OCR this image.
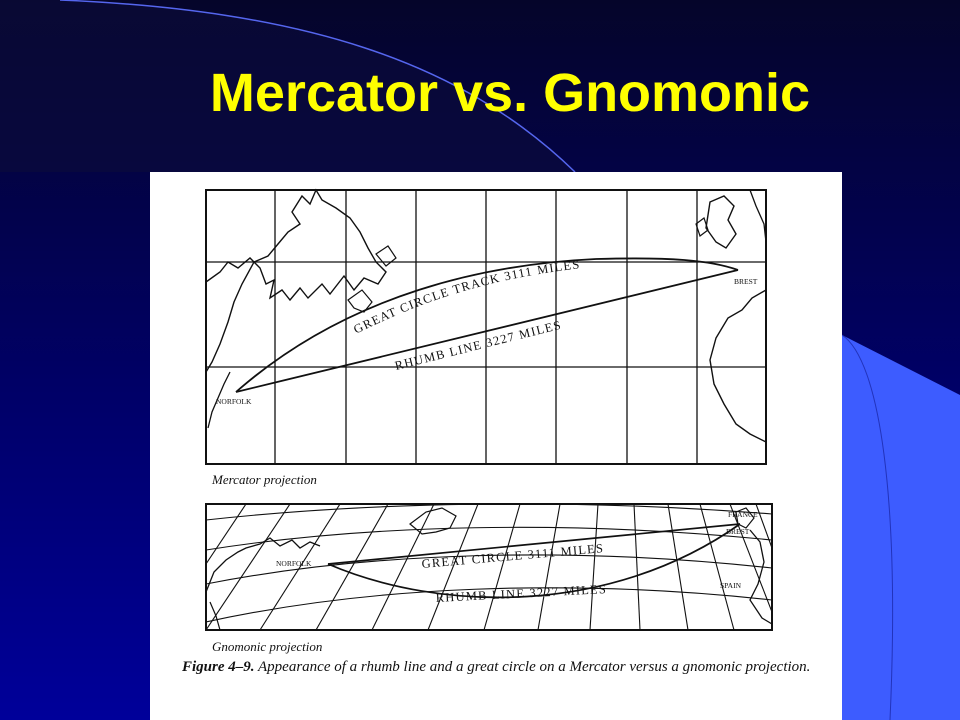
Mercator vs. Gnomonic
GREAT CIRCLE TRACK 3111 MILES
RHUMB LINE 3227 MILES
NORFOLK
BREST
GREAT CIRCLE 3111 MILES
RHUMB LINE 3227 MILES
NORFOLK
BREST
FRANCE
SPAIN
Mercator projection
Gnomonic projection
Figure 4–9. Appearance of a rhumb line and a great circle on a Mercator versus a gnomonic projection.
